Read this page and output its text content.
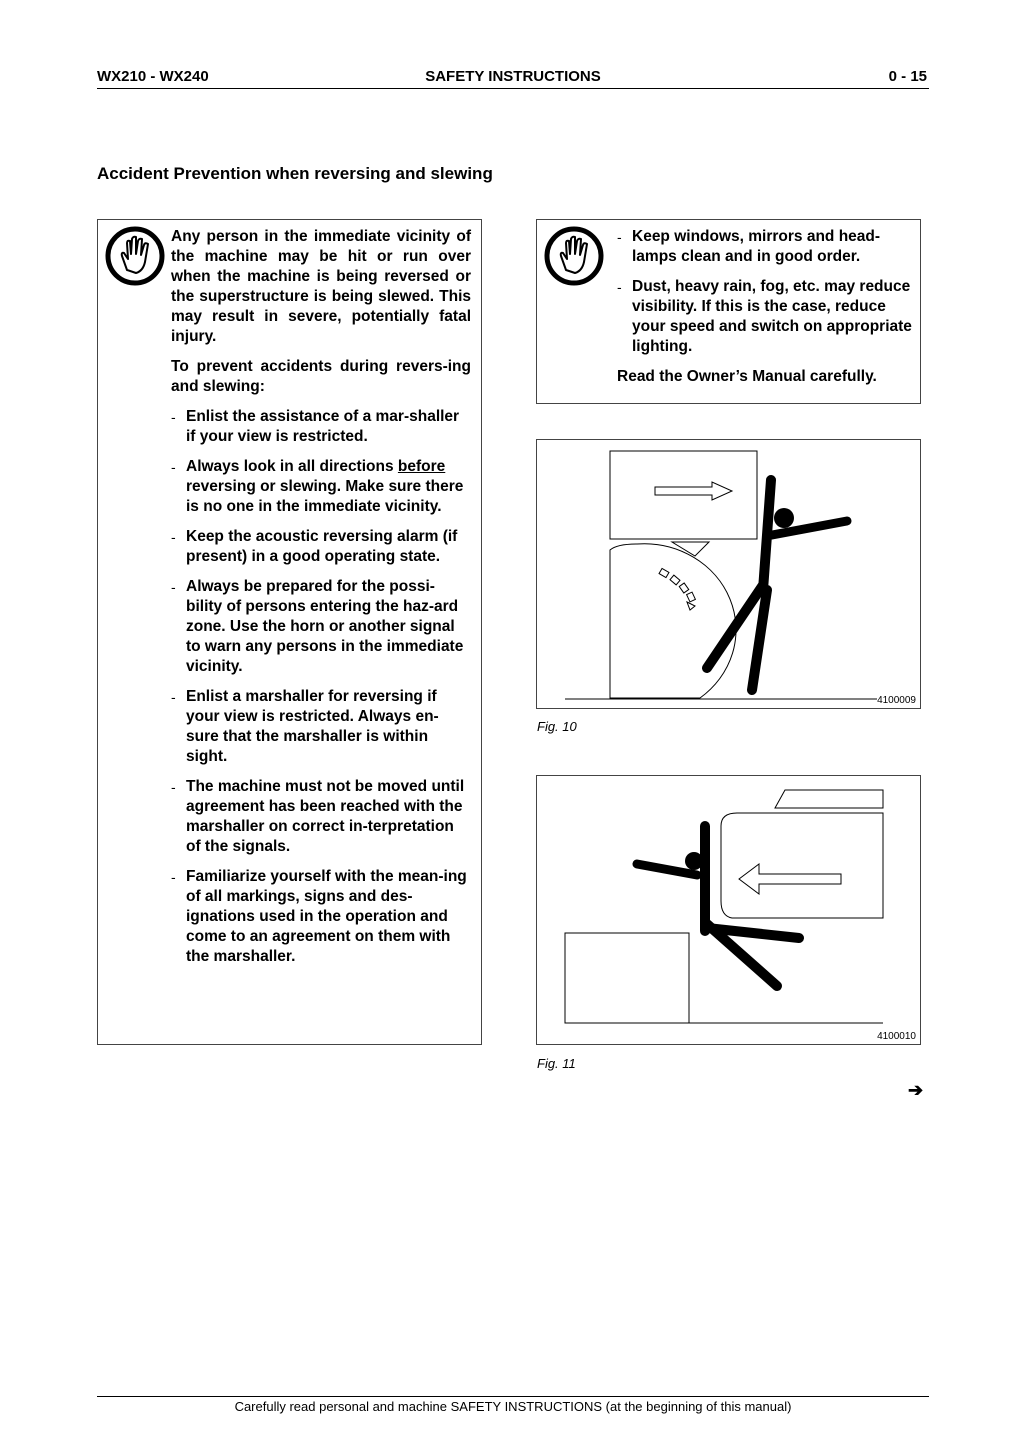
WX210 - WX240	SAFETY INSTRUCTIONS	0 - 15
Accident Prevention when reversing and slewing
Any person in the immediate vicinity of the machine may be hit or run over when the machine is being reversed or the superstructure is being slewed. This may result in severe, potentially fatal injury.
To prevent accidents during revers-ing and slewing:
- Enlist the assistance of a mar-shaller if your view is restricted.
- Always look in all directions before reversing or slewing. Make sure there is no one in the immediate vicinity.
- Keep the acoustic reversing alarm (if present) in a good operating state.
- Always be prepared for the possi-bility of persons entering the haz-ard zone. Use the horn or another signal to warn any persons in the immediate vicinity.
- Enlist a marshaller for reversing if your view is restricted. Always en-sure that the marshaller is within sight.
- The machine must not be moved until agreement has been reached with the marshaller on correct in-terpretation of the signals.
- Familiarize yourself with the mean-ing of all markings, signs and des-ignations used in the operation and come to an agreement on them with the marshaller.
- Keep windows, mirrors and head-lamps clean and in good order.
- Dust, heavy rain, fog, etc. may reduce visibility. If this is the case, reduce your speed and switch on appropriate lighting.
Read the Owner’s Manual carefully.
4100009
Fig. 10
4100010
Fig. 11
➔
Carefully read personal and machine SAFETY INSTRUCTIONS (at the beginning of this manual)
